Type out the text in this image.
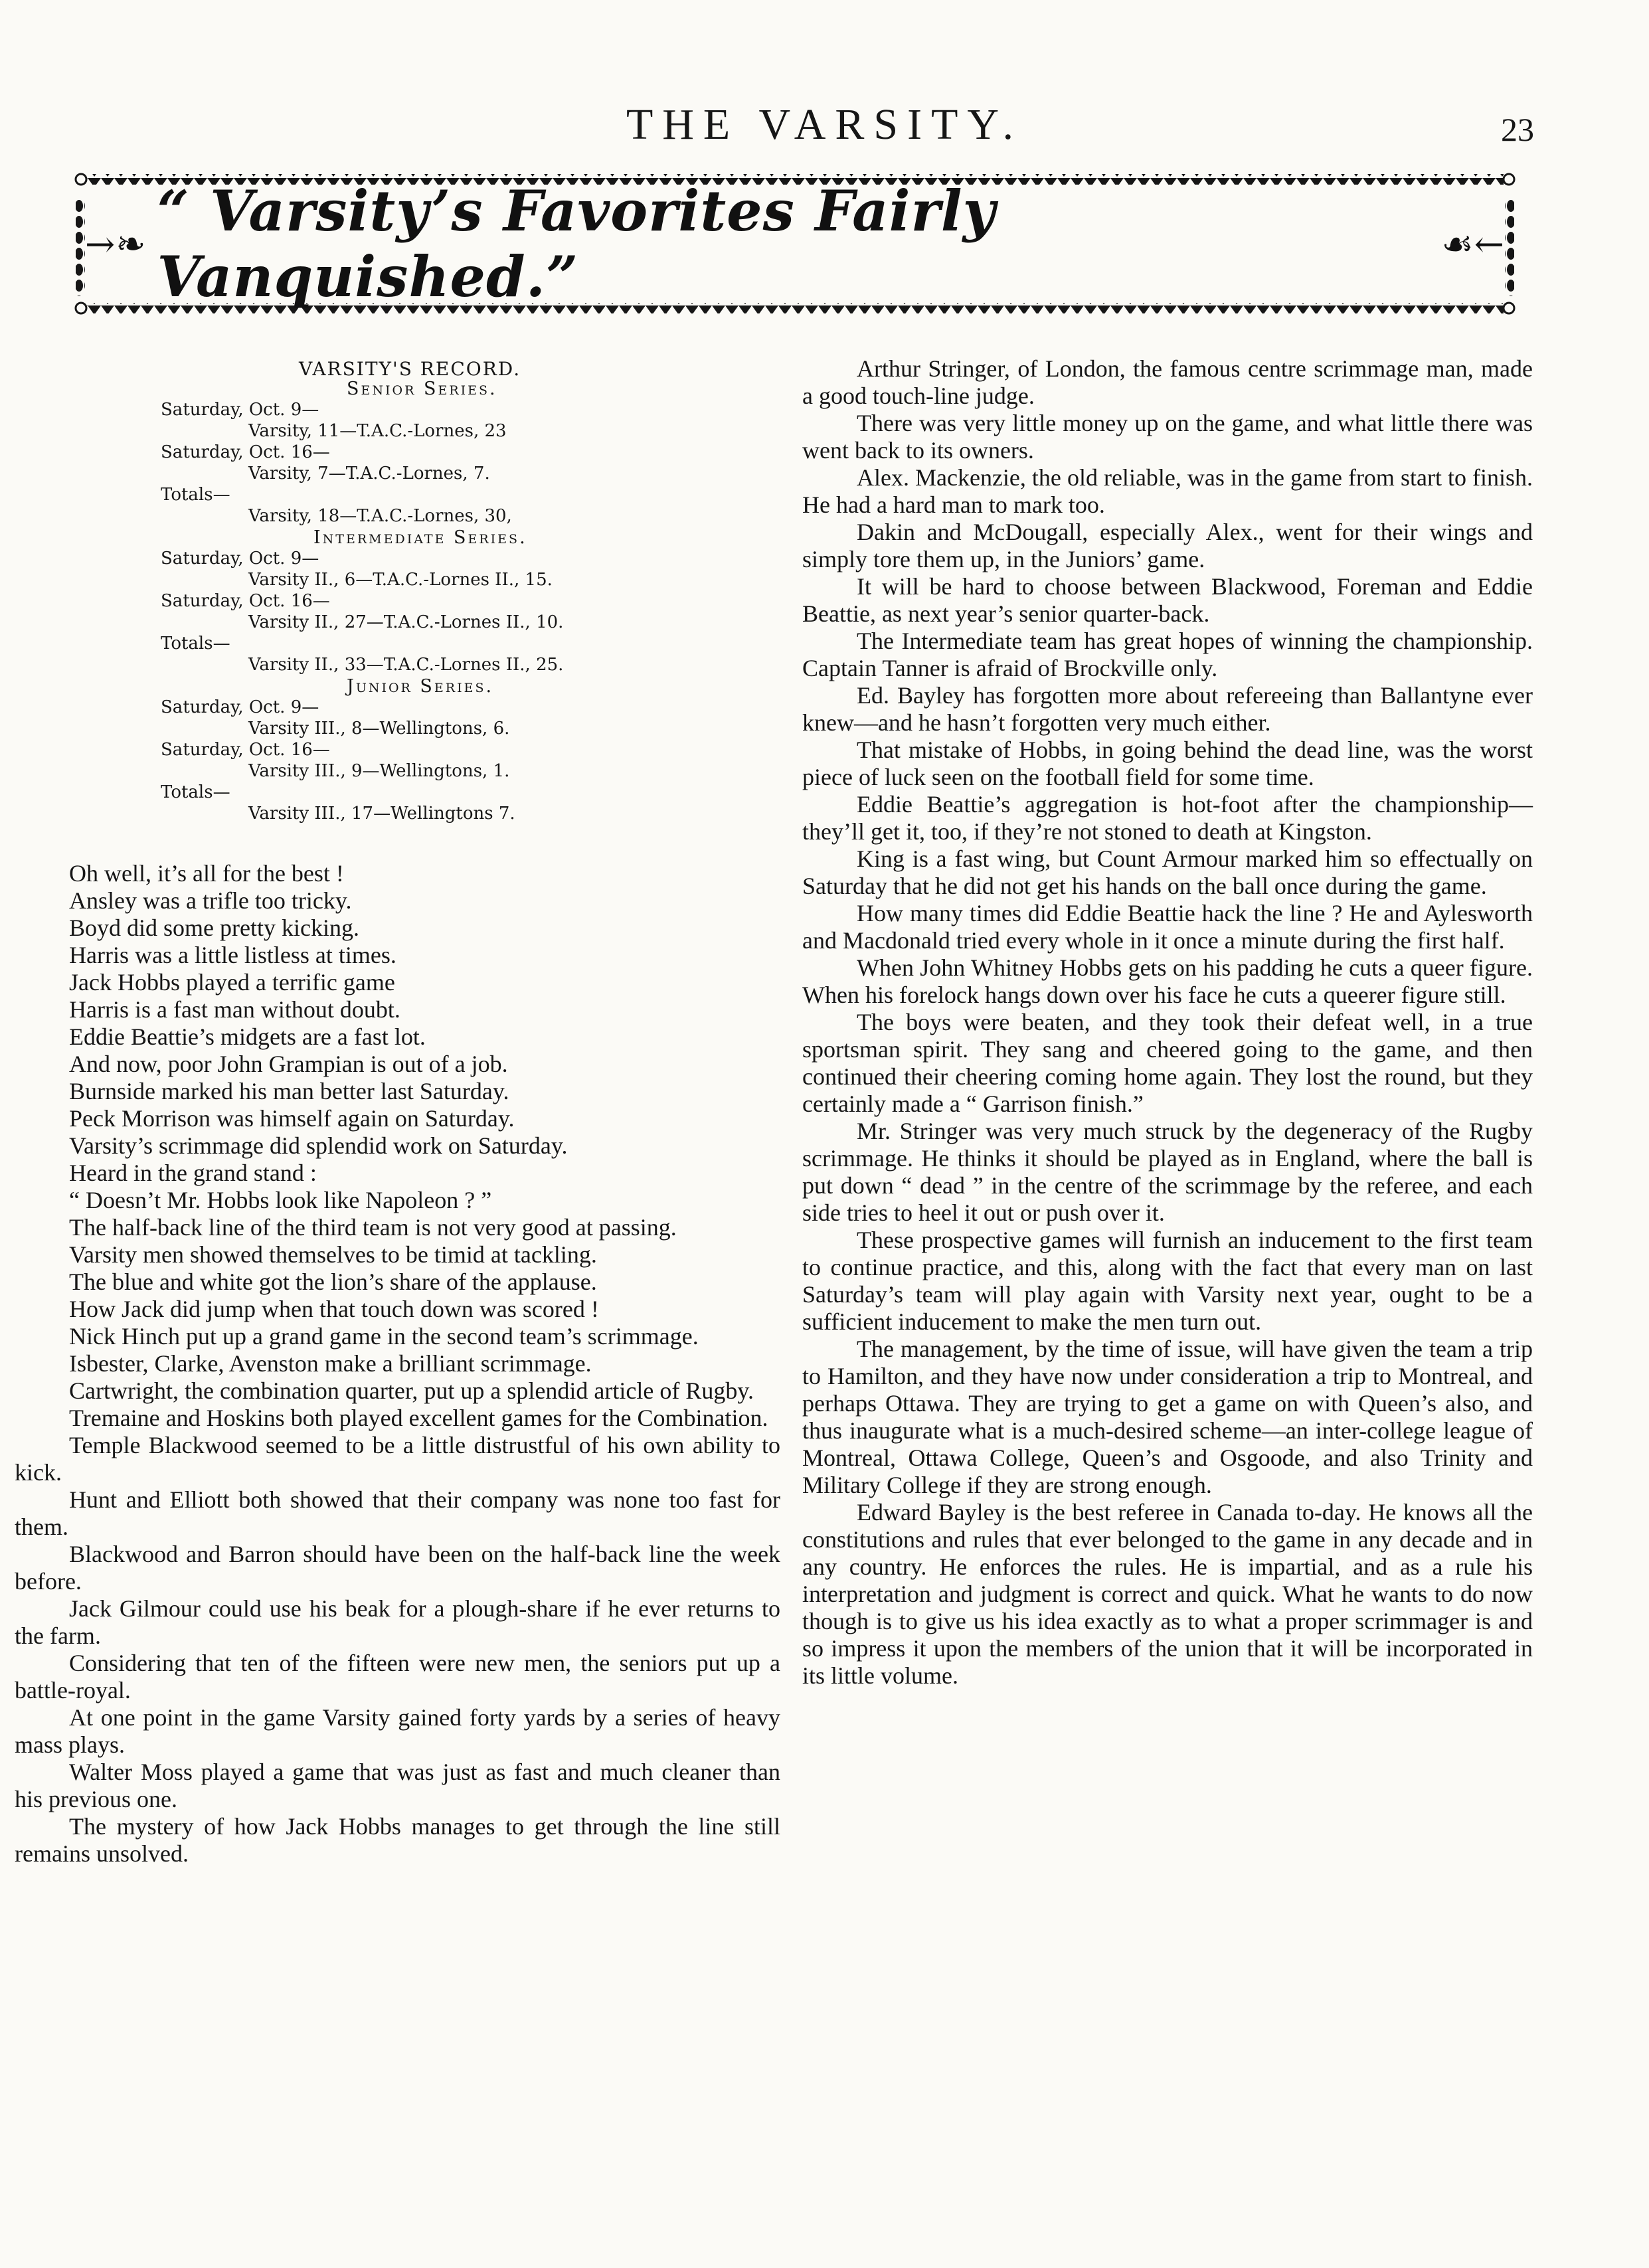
THE VARSITY.	23
→❧ “ Varsity’s Favorites Fairly Vanquished.”	☙←
VARSITY'S RECORD.
Senior Series.
Saturday, Oct. 9—
Varsity, 11—T.A.C.-Lornes, 23
Saturday, Oct. 16—
Varsity, 7—T.A.C.-Lornes, 7.
Totals—
Varsity, 18—T.A.C.-Lornes, 30,
Intermediate Series.
Saturday, Oct. 9—
Varsity II., 6—T.A.C.-Lornes II., 15.
Saturday, Oct. 16—
Varsity II., 27—T.A.C.-Lornes II., 10.
Totals—
Varsity II., 33—T.A.C.-Lornes II., 25.
Junior Series.
Saturday, Oct. 9—
Varsity III., 8—Wellingtons, 6.
Saturday, Oct. 16—
Varsity III., 9—Wellingtons, 1.
Totals—
Varsity III., 17—Wellingtons 7.
Oh well, it’s all for the best !
Ansley was a trifle too tricky.
Boyd did some pretty kicking.
Harris was a little listless at times.
Jack Hobbs played a terrific game
Harris is a fast man without doubt.
Eddie Beattie’s midgets are a fast lot.
And now, poor John Grampian is out of a job.
Burnside marked his man better last Saturday.
Peck Morrison was himself again on Saturday.
Varsity’s scrimmage did splendid work on Saturday.
Heard in the grand stand :
“ Doesn’t Mr. Hobbs look like Napoleon ? ”

The half-back line of the third team is not very good at passing.

Varsity men showed themselves to be timid at tackling.

The blue and white got the lion’s share of the applause.

How Jack did jump when that touch down was scored !

Nick Hinch put up a grand game in the second team’s scrimmage.

Isbester, Clarke, Avenston make a brilliant scrimmage.

Cartwright, the combination quarter, put up a splendid article of Rugby.

Tremaine and Hoskins both played excellent games for the Combination.

Temple Blackwood seemed to be a little distrustful of his own ability to kick.

Hunt and Elliott both showed that their company was none too fast for them.

Blackwood and Barron should have been on the half-back line the week before.

Jack Gilmour could use his beak for a plough-share if he ever returns to the farm.

Considering that ten of the fifteen were new men, the seniors put up a battle-royal.

At one point in the game Varsity gained forty yards by a series of heavy mass plays.

Walter Moss played a game that was just as fast and much cleaner than his previous one.

The mystery of how Jack Hobbs manages to get through the line still remains unsolved.

Arthur Stringer, of London, the famous centre scrimmage man, made a good touch-line judge.

There was very little money up on the game, and what little there was went back to its owners.

Alex. Mackenzie, the old reliable, was in the game from start to finish. He had a hard man to mark too.

Dakin and McDougall, especially Alex., went for their wings and simply tore them up, in the Juniors’ game.

It will be hard to choose between Blackwood, Foreman and Eddie Beattie, as next year’s senior quarter-back.

The Intermediate team has great hopes of winning the championship. Captain Tanner is afraid of Brockville only.

Ed. Bayley has forgotten more about refereeing than Ballantyne ever knew—and he hasn’t forgotten very much either.

That mistake of Hobbs, in going behind the dead line, was the worst piece of luck seen on the football field for some time.

Eddie Beattie’s aggregation is hot-foot after the championship—they’ll get it, too, if they’re not stoned to death at Kingston.

King is a fast wing, but Count Armour marked him so effectually on Saturday that he did not get his hands on the ball once during the game.

How many times did Eddie Beattie hack the line ? He and Aylesworth and Macdonald tried every whole in it once a minute during the first half.

When John Whitney Hobbs gets on his padding he cuts a queer figure. When his forelock hangs down over his face he cuts a queerer figure still.

The boys were beaten, and they took their defeat well, in a true sportsman spirit. They sang and cheered going to the game, and then continued their cheering coming home again. They lost the round, but they certainly made a “ Garrison finish.”

Mr. Stringer was very much struck by the degeneracy of the Rugby scrimmage. He thinks it should be played as in England, where the ball is put down “ dead ” in the centre of the scrimmage by the referee, and each side tries to heel it out or push over it.

These prospective games will furnish an inducement to the first team to continue practice, and this, along with the fact that every man on last Saturday’s team will play again with Varsity next year, ought to be a sufficient inducement to make the men turn out.

The management, by the time of issue, will have given the team a trip to Hamilton, and they have now under consideration a trip to Montreal, and perhaps Ottawa. They are trying to get a game on with Queen’s also, and thus inaugurate what is a much-desired scheme—an inter-college league of Montreal, Ottawa College, Queen’s and Osgoode, and also Trinity and Military College if they are strong enough.

Edward Bayley is the best referee in Canada to-day. He knows all the constitutions and rules that ever belonged to the game in any decade and in any country. He enforces the rules. He is impartial, and as a rule his interpretation and judgment is correct and quick. What he wants to do now though is to give us his idea exactly as to what a proper scrimmager is and so impress it upon the members of the union that it will be incorporated in its little volume.
